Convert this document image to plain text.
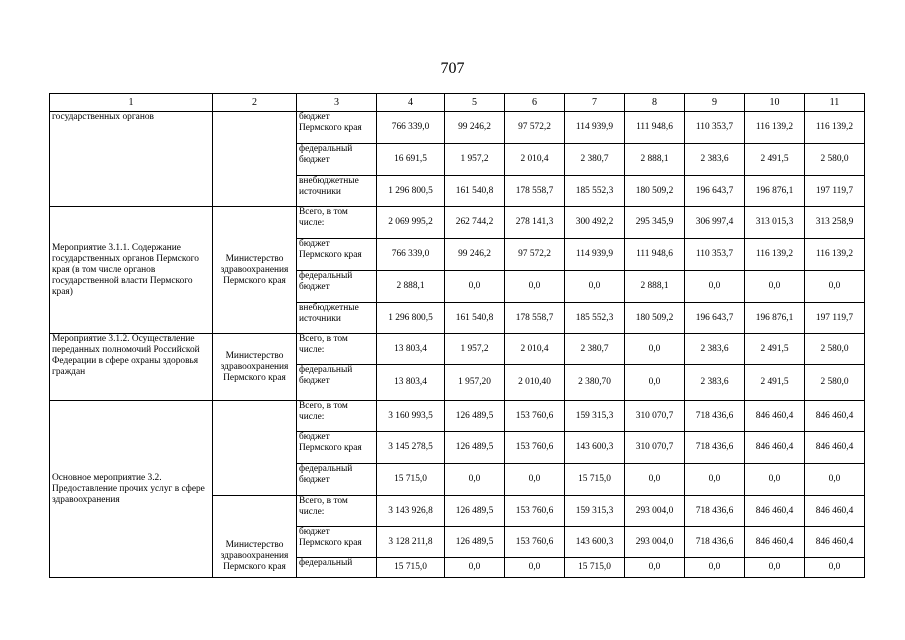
707
1	2	3	4	5	6	7	8	9	10	11
государственных органов		бюджет Пермского края	766 339,0	99 246,2	97 572,2	114 939,9	111 948,6	110 353,7	116 139,2	116 139,2
		федеральный бюджет	16 691,5	1 957,2	2 010,4	2 380,7	2 888,1	2 383,6	2 491,5	2 580,0
		внебюджетные источники	1 296 800,5	161 540,8	178 558,7	185 552,3	180 509,2	196 643,7	196 876,1	197 119,7
Мероприятие 3.1.1. Содержание государственных органов Пермского края (в том числе органов государственной власти Пермского края)	Министерство здравоохранения Пермского края	Всего, в том числе:	2 069 995,2	262 744,2	278 141,3	300 492,2	295 345,9	306 997,4	313 015,3	313 258,9
		бюджет Пермского края	766 339,0	99 246,2	97 572,2	114 939,9	111 948,6	110 353,7	116 139,2	116 139,2
		федеральный бюджет	2 888,1	0,0	0,0	0,0	2 888,1	0,0	0,0	0,0
		внебюджетные источники	1 296 800,5	161 540,8	178 558,7	185 552,3	180 509,2	196 643,7	196 876,1	197 119,7
Мероприятие 3.1.2. Осуществление переданных полномочий Российской Федерации в сфере охраны здоровья граждан	Министерство здравоохранения Пермского края	Всего, в том числе:	13 803,4	1 957,2	2 010,4	2 380,7	0,0	2 383,6	2 491,5	2 580,0
		федеральный бюджет	13 803,4	1 957,20	2 010,40	2 380,70	0,0	2 383,6	2 491,5	2 580,0
Основное мероприятие 3.2. Предоставление прочих услуг в сфере здравоохранения		Всего, в том числе:	3 160 993,5	126 489,5	153 760,6	159 315,3	310 070,7	718 436,6	846 460,4	846 460,4
		бюджет Пермского края	3 145 278,5	126 489,5	153 760,6	143 600,3	310 070,7	718 436,6	846 460,4	846 460,4
		федеральный бюджет	15 715,0	0,0	0,0	15 715,0	0,0	0,0	0,0	0,0
	Министерство здравоохранения Пермского края	Всего, в том числе:	3 143 926,8	126 489,5	153 760,6	159 315,3	293 004,0	718 436,6	846 460,4	846 460,4
		бюджет Пермского края	3 128 211,8	126 489,5	153 760,6	143 600,3	293 004,0	718 436,6	846 460,4	846 460,4
		федеральный	15 715,0	0,0	0,0	15 715,0	0,0	0,0	0,0	0,0
